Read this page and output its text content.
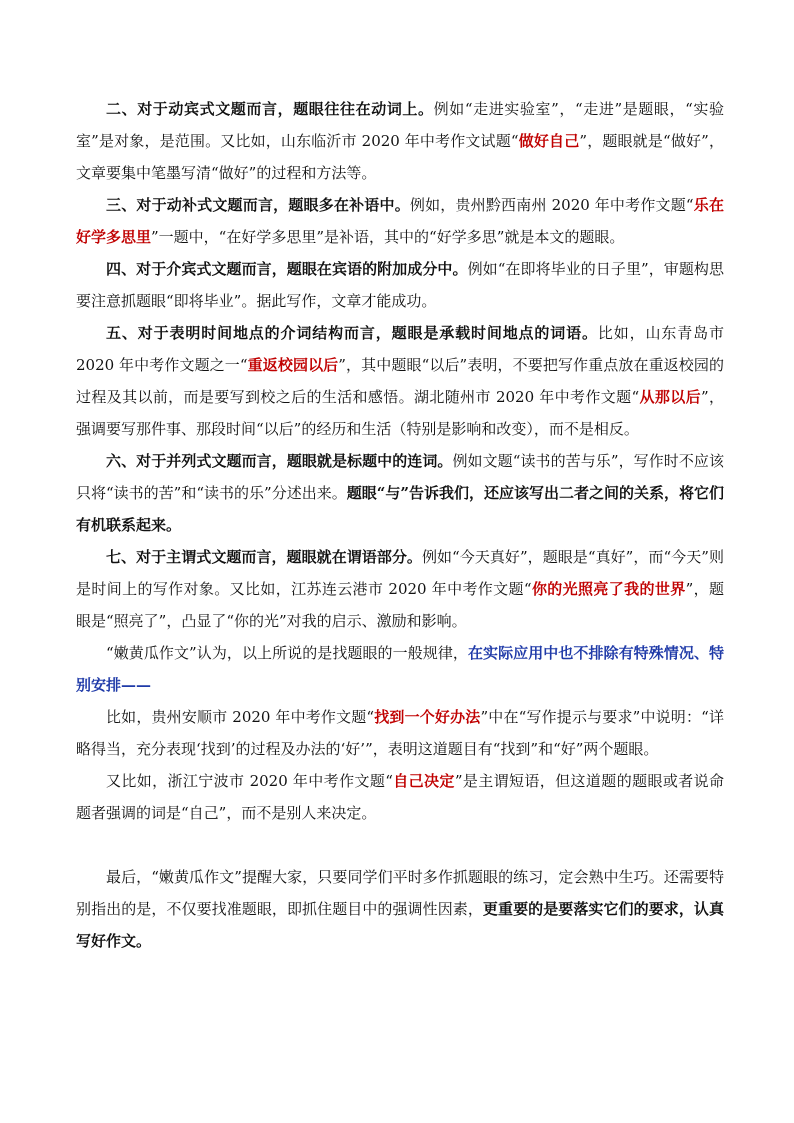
二、对于动宾式文题而言，题眼往往在动词上。例如“走进实验室”，“走进”是题眼，“实验室”是对象，是范围。又比如，山东临沂市 2020 年中考作文试题“做好自己”，题眼就是“做好”，文章要集中笔墨写清“做好”的过程和方法等。

三、对于动补式文题而言，题眼多在补语中。例如，贵州黔西南州 2020 年中考作文题“乐在好学多思里”一题中，“在好学多思里”是补语，其中的“好学多思”就是本文的题眼。

四、对于介宾式文题而言，题眼在宾语的附加成分中。例如“在即将毕业的日子里”，审题构思要注意抓题眼“即将毕业”。据此写作，文章才能成功。

五、对于表明时间地点的介词结构而言，题眼是承载时间地点的词语。比如，山东青岛市 2020 年中考作文题之一“重返校园以后”，其中题眼“以后”表明，不要把写作重点放在重返校园的过程及其以前，而是要写到校之后的生活和感悟。湖北随州市 2020 年中考作文题“从那以后”，强调要写那件事、那段时间“以后”的经历和生活（特别是影响和改变），而不是相反。

六、对于并列式文题而言，题眼就是标题中的连词。例如文题“读书的苦与乐”，写作时不应该只将“读书的苦”和“读书的乐”分述出来。题眼“与”告诉我们，还应该写出二者之间的关系，将它们有机联系起来。

七、对于主谓式文题而言，题眼就在谓语部分。例如“今天真好”，题眼是“真好”，而“今天”则是时间上的写作对象。又比如，江苏连云港市 2020 年中考作文题“你的光照亮了我的世界”，题眼是“照亮了”，凸显了“你的光”对我的启示、激励和影响。

“嫩黄瓜作文”认为，以上所说的是找题眼的一般规律，在实际应用中也不排除有特殊情况、特别安排——

比如，贵州安顺市 2020 年中考作文题“找到一个好办法”中在“写作提示与要求”中说明：“详略得当，充分表现‘找到’的过程及办法的‘好’”，表明这道题目有“找到”和“好”两个题眼。

又比如，浙江宁波市 2020 年中考作文题“自己决定”是主谓短语，但这道题的题眼或者说命题者强调的词是“自己”，而不是别人来决定。

最后，“嫩黄瓜作文”提醒大家，只要同学们平时多作抓题眼的练习，定会熟中生巧。还需要特别指出的是，不仅要找准题眼，即抓住题目中的强调性因素，更重要的是要落实它们的要求，认真写好作文。
